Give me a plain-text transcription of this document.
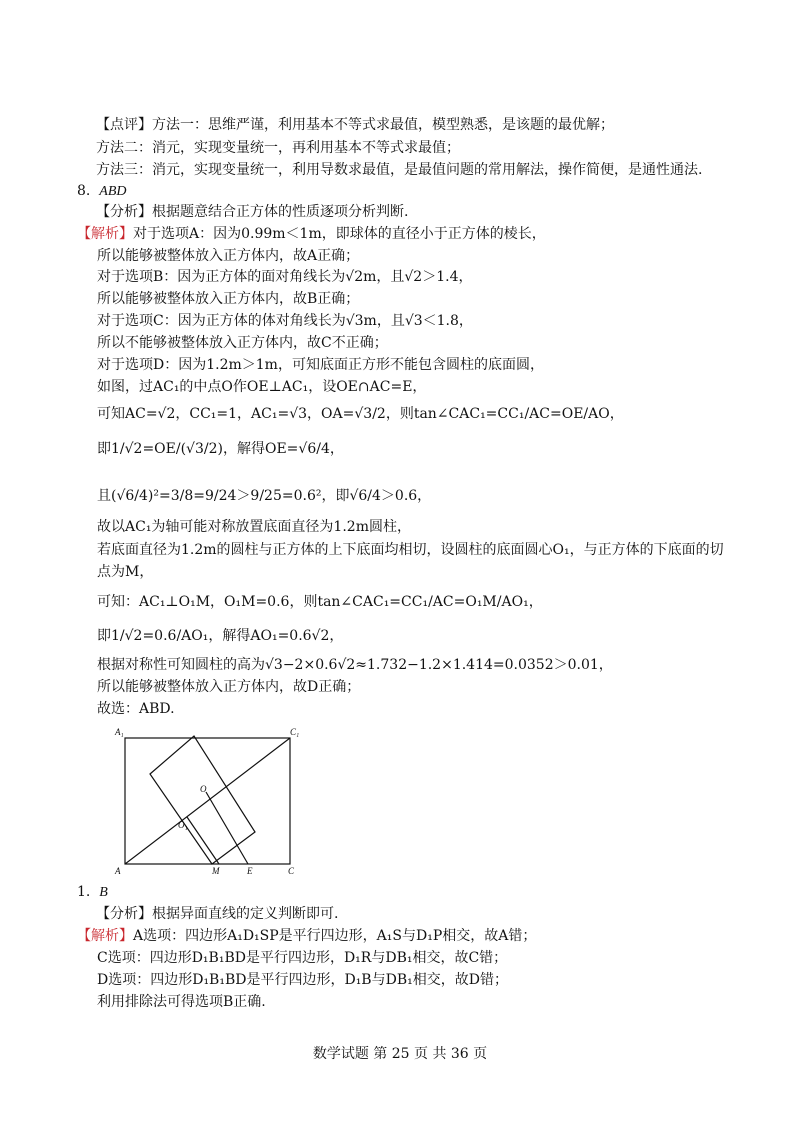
【点评】方法一：思维严谨，利用基本不等式求最值，模型熟悉，是该题的最优解；
方法二：消元，实现变量统一，再利用基本不等式求最值；
方法三：消元，实现变量统一，利用导数求最值，是最值问题的常用解法，操作简便，是通性通法.
8. ABD
【分析】根据题意结合正方体的性质逐项分析判断.
【解析】对于选项A：因为0.99m＜1m，即球体的直径小于正方体的棱长，
所以能够被整体放入正方体内，故A正确；
对于选项B：因为正方体的面对角线长为√2m，且√2＞1.4，
所以能够被整体放入正方体内，故B正确；
对于选项C：因为正方体的体对角线长为√3m，且√3＜1.8，
所以不能够被整体放入正方体内，故C不正确；
对于选项D：因为1.2m＞1m，可知底面正方形不能包含圆柱的底面圆，
如图，过AC₁的中点O作OE⊥AC₁，设OE∩AC=E，
可知AC=√2，CC₁=1，AC₁=√3，OA=√3/2，则tan∠CAC₁=CC₁/AC=OE/AO，
即1/√2=OE/(√3/2)，解得OE=√6/4，
且(√6/4)²=3/8=9/24＞9/25=0.6²，即√6/4＞0.6，
故以AC₁为轴可能对称放置底面直径为1.2m圆柱，
若底面直径为1.2m的圆柱与正方体的上下底面均相切，设圆柱的底面圆心O₁，与正方体的下底面的切
点为M，
可知：AC₁⊥O₁M，O₁M=0.6，则tan∠CAC₁=CC₁/AC=O₁M/AO₁，
即1/√2=0.6/AO₁，解得AO₁=0.6√2，
根据对称性可知圆柱的高为√3−2×0.6√2≈1.732−1.2×1.414=0.0352＞0.01，
所以能够被整体放入正方体内，故D正确；
故选：ABD.
A₁	C₁
A	M	E	C
O
O₁
1. B
【分析】根据异面直线的定义判断即可.
【解析】A选项：四边形A₁D₁SP是平行四边形，A₁S与D₁P相交，故A错；
C选项：四边形D₁B₁BD是平行四边形，D₁R与DB₁相交，故C错；
D选项：四边形D₁B₁BD是平行四边形，D₁B与DB₁相交，故D错；
利用排除法可得选项B正确.
数学试题 第 25 页 共 36 页
